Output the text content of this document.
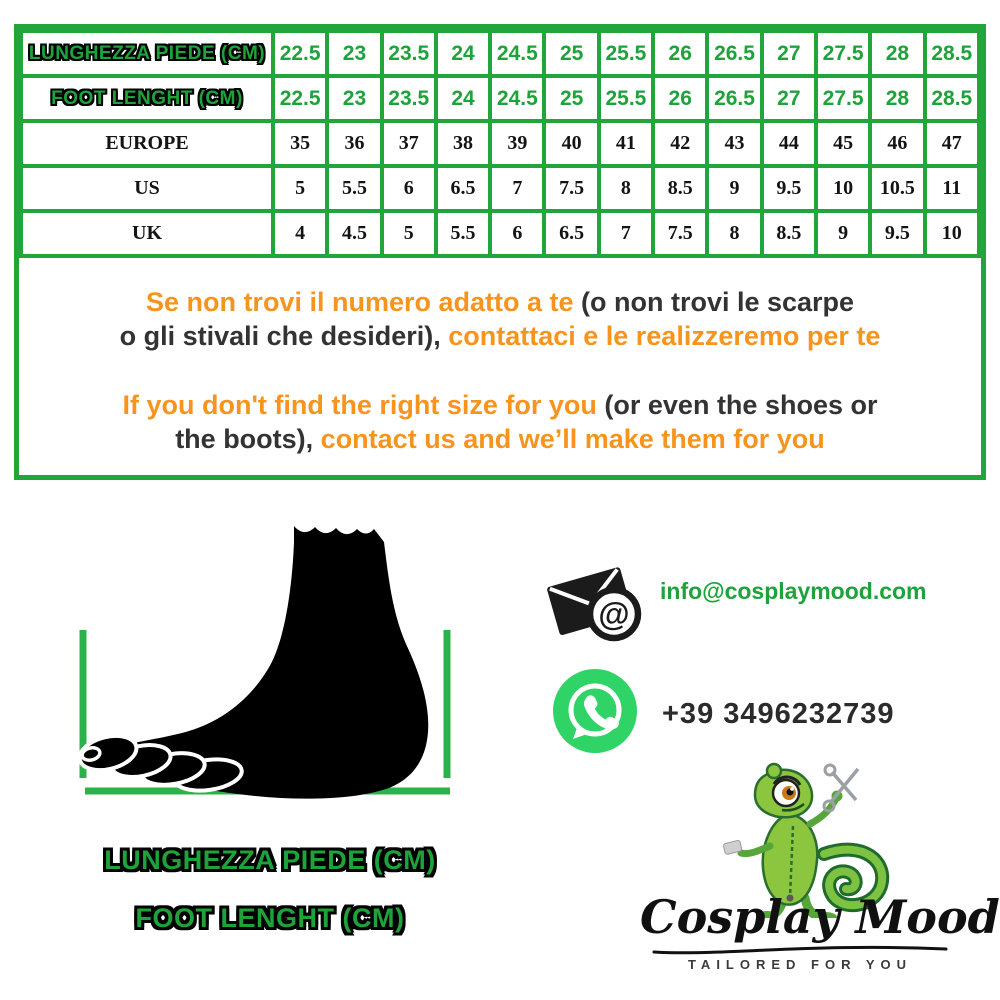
LUNGHEZZA PIEDE (CM)	22.5	23	23.5	24	24.5	25	25.5	26	26.5	27	27.5	28	28.5
FOOT LENGHT (CM)	22.5	23	23.5	24	24.5	25	25.5	26	26.5	27	27.5	28	28.5
EUROPE	35	36	37	38	39	40	41	42	43	44	45	46	47
US	5	5.5	6	6.5	7	7.5	8	8.5	9	9.5	10	10.5	11
UK	4	4.5	5	5.5	6	6.5	7	7.5	8	8.5	9	9.5	10
Se non trovi il numero adatto a te (o non trovi le scarpe
o gli stivali che desideri), contattaci e le realizzeremo per te
If you don't find the right size for you (or even the shoes or
the boots), contact us and we’ll make them for you
LUNGHEZZA PIEDE (CM)
FOOT LENGHT (CM)
@
info@cosplaymood.com
+39 3496232739
Cosplay Mood
TAILORED FOR YOU
